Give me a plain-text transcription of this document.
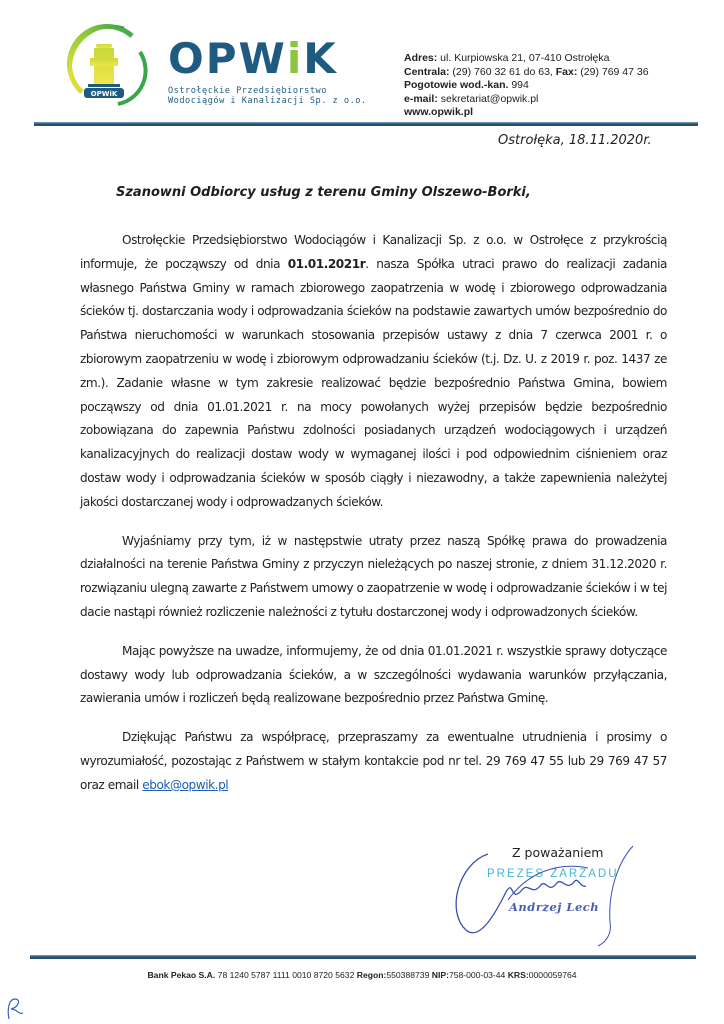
OPWiK
OPWiK
Ostrołęckie Przedsiębiorstwo
Wodociągów i Kanalizacji Sp. z o.o.
Adres: ul. Kurpiowska 21, 07-410 Ostrołęka
Centrala: (29) 760 32 61 do 63, Fax: (29) 769 47 36
Pogotowie wod.-kan. 994
e-mail: sekretariat@opwik.pl
www.opwik.pl
Ostrołęka, 18.11.2020r.
Szanowni Odbiorcy usług z terenu Gminy Olszewo-Borki,

Ostrołęckie Przedsiębiorstwo Wodociągów i Kanalizacji Sp. z o.o. w Ostrołęce z przykrością informuje, że począwszy od dnia 01.01.2021r. nasza Spółka utraci prawo do realizacji zadania własnego Państwa Gminy w ramach zbiorowego zaopatrzenia w wodę i zbiorowego odprowadzania ścieków tj. dostarczania wody i odprowadzania ścieków na podstawie zawartych umów bezpośrednio do Państwa nieruchomości w warunkach stosowania przepisów ustawy z dnia 7 czerwca 2001 r. o zbiorowym zaopatrzeniu w wodę i zbiorowym odprowadzaniu ścieków (t.j. Dz. U. z 2019 r. poz. 1437 ze zm.). Zadanie własne w tym zakresie realizować będzie bezpośrednio Państwa Gmina, bowiem począwszy od dnia 01.01.2021 r. na mocy powołanych wyżej przepisów będzie bezpośrednio zobowiązana do zapewnia Państwu zdolności posiadanych urządzeń wodociągowych i urządzeń kanalizacyjnych do realizacji dostaw wody w wymaganej ilości i pod odpowiednim ciśnieniem oraz dostaw wody i odprowadzania ścieków w sposób ciągły i niezawodny, a także zapewnienia należytej jakości dostarczanej wody i odprowadzanych ścieków.

Wyjaśniamy przy tym, iż w następstwie utraty przez naszą Spółkę prawa do prowadzenia działalności na terenie Państwa Gminy z przyczyn nieleżących po naszej stronie, z dniem 31.12.2020 r. rozwiązaniu ulegną zawarte z Państwem umowy o zaopatrzenie w wodę i odprowadzanie ścieków i w tej dacie nastąpi również rozliczenie należności z tytułu dostarczonej wody i odprowadzonych ścieków.

Mając powyższe na uwadze, informujemy, że od dnia 01.01.2021 r. wszystkie sprawy dotyczące dostawy wody lub odprowadzania ścieków, a w szczególności wydawania warunków przyłączania, zawierania umów i rozliczeń będą realizowane bezpośrednio przez Państwa Gminę.

Dziękując Państwu za współpracę, przepraszamy za ewentualne utrudnienia i prosimy o wyrozumiałość, pozostając z Państwem w stałym kontakcie pod nr tel. 29 769 47 55 lub 29 769 47 57 oraz email ebok@opwik.pl

Z poważaniem
PREZES ZARZADU
Andrzej Lech
Bank Pekao S.A. 78 1240 5787 1111 0010 8720 5632 Regon:550388739 NIP:758-000-03-44 KRS:0000059764
